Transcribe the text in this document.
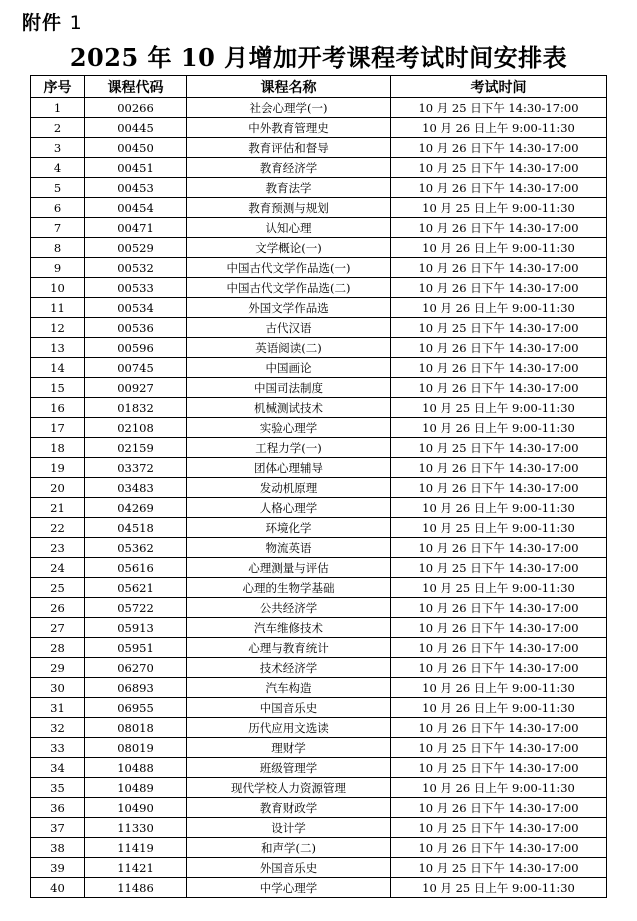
附件 1
2025 年 10 月增加开考课程考试时间安排表
序号	课程代码	课程名称	考试时间
1	00266	社会心理学(一)	10 月 25 日下午 14:30-17:00
2	00445	中外教育管理史	10 月 26 日上午 9:00-11:30
3	00450	教育评估和督导	10 月 26 日下午 14:30-17:00
4	00451	教育经济学	10 月 25 日下午 14:30-17:00
5	00453	教育法学	10 月 26 日下午 14:30-17:00
6	00454	教育预测与规划	10 月 25 日上午 9:00-11:30
7	00471	认知心理	10 月 26 日下午 14:30-17:00
8	00529	文学概论(一)	10 月 26 日上午 9:00-11:30
9	00532	中国古代文学作品选(一)	10 月 26 日下午 14:30-17:00
10	00533	中国古代文学作品选(二)	10 月 26 日下午 14:30-17:00
11	00534	外国文学作品选	10 月 26 日上午 9:00-11:30
12	00536	古代汉语	10 月 25 日下午 14:30-17:00
13	00596	英语阅读(二)	10 月 26 日下午 14:30-17:00
14	00745	中国画论	10 月 26 日下午 14:30-17:00
15	00927	中国司法制度	10 月 26 日下午 14:30-17:00
16	01832	机械测试技术	10 月 25 日上午 9:00-11:30
17	02108	实验心理学	10 月 26 日上午 9:00-11:30
18	02159	工程力学(一)	10 月 25 日下午 14:30-17:00
19	03372	团体心理辅导	10 月 26 日下午 14:30-17:00
20	03483	发动机原理	10 月 26 日下午 14:30-17:00
21	04269	人格心理学	10 月 26 日上午 9:00-11:30
22	04518	环境化学	10 月 25 日上午 9:00-11:30
23	05362	物流英语	10 月 26 日下午 14:30-17:00
24	05616	心理测量与评估	10 月 25 日下午 14:30-17:00
25	05621	心理的生物学基础	10 月 25 日上午 9:00-11:30
26	05722	公共经济学	10 月 26 日下午 14:30-17:00
27	05913	汽车维修技术	10 月 26 日下午 14:30-17:00
28	05951	心理与教育统计	10 月 26 日下午 14:30-17:00
29	06270	技术经济学	10 月 26 日下午 14:30-17:00
30	06893	汽车构造	10 月 26 日上午 9:00-11:30
31	06955	中国音乐史	10 月 26 日上午 9:00-11:30
32	08018	历代应用文选读	10 月 26 日下午 14:30-17:00
33	08019	理财学	10 月 25 日下午 14:30-17:00
34	10488	班级管理学	10 月 25 日下午 14:30-17:00
35	10489	现代学校人力资源管理	10 月 26 日上午 9:00-11:30
36	10490	教育财政学	10 月 26 日下午 14:30-17:00
37	11330	设计学	10 月 25 日下午 14:30-17:00
38	11419	和声学(二)	10 月 26 日下午 14:30-17:00
39	11421	外国音乐史	10 月 25 日下午 14:30-17:00
40	11486	中学心理学	10 月 25 日上午 9:00-11:30
